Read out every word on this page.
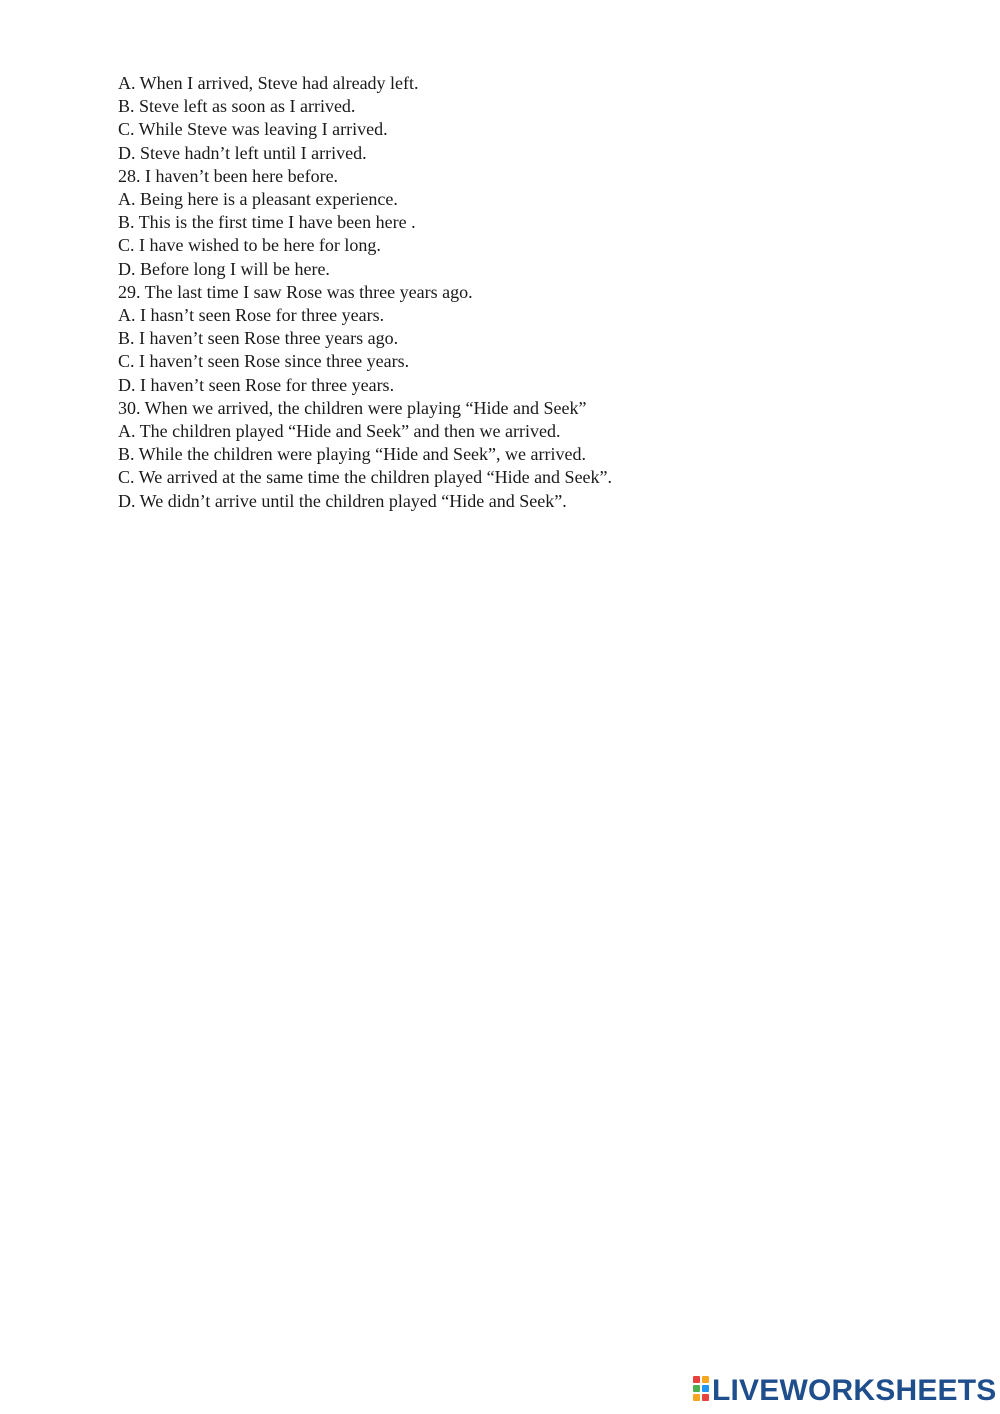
A. When I arrived, Steve had already left.
B. Steve left as soon as I arrived.
C. While Steve was leaving I arrived.
D. Steve hadn’t left until I arrived.
28. I haven’t been here before.
A. Being here is a pleasant experience.
B. This is the first time I have been here .
C. I have wished to be here for long.
D. Before long I will be here.
29. The last time I saw Rose was three years ago.
A. I hasn’t seen Rose for three years.
B. I haven’t seen Rose three years ago.
C. I haven’t seen Rose since three years.
D. I haven’t seen Rose for three years.
30. When we arrived, the children were playing “Hide and Seek”
A. The children played “Hide and Seek” and then we arrived.
B. While the children were playing “Hide and Seek”, we arrived.
C. We arrived at the same time the children played “Hide and Seek”.
D. We didn’t arrive until the children played “Hide and Seek”.
LIVEWORKSHEETS
